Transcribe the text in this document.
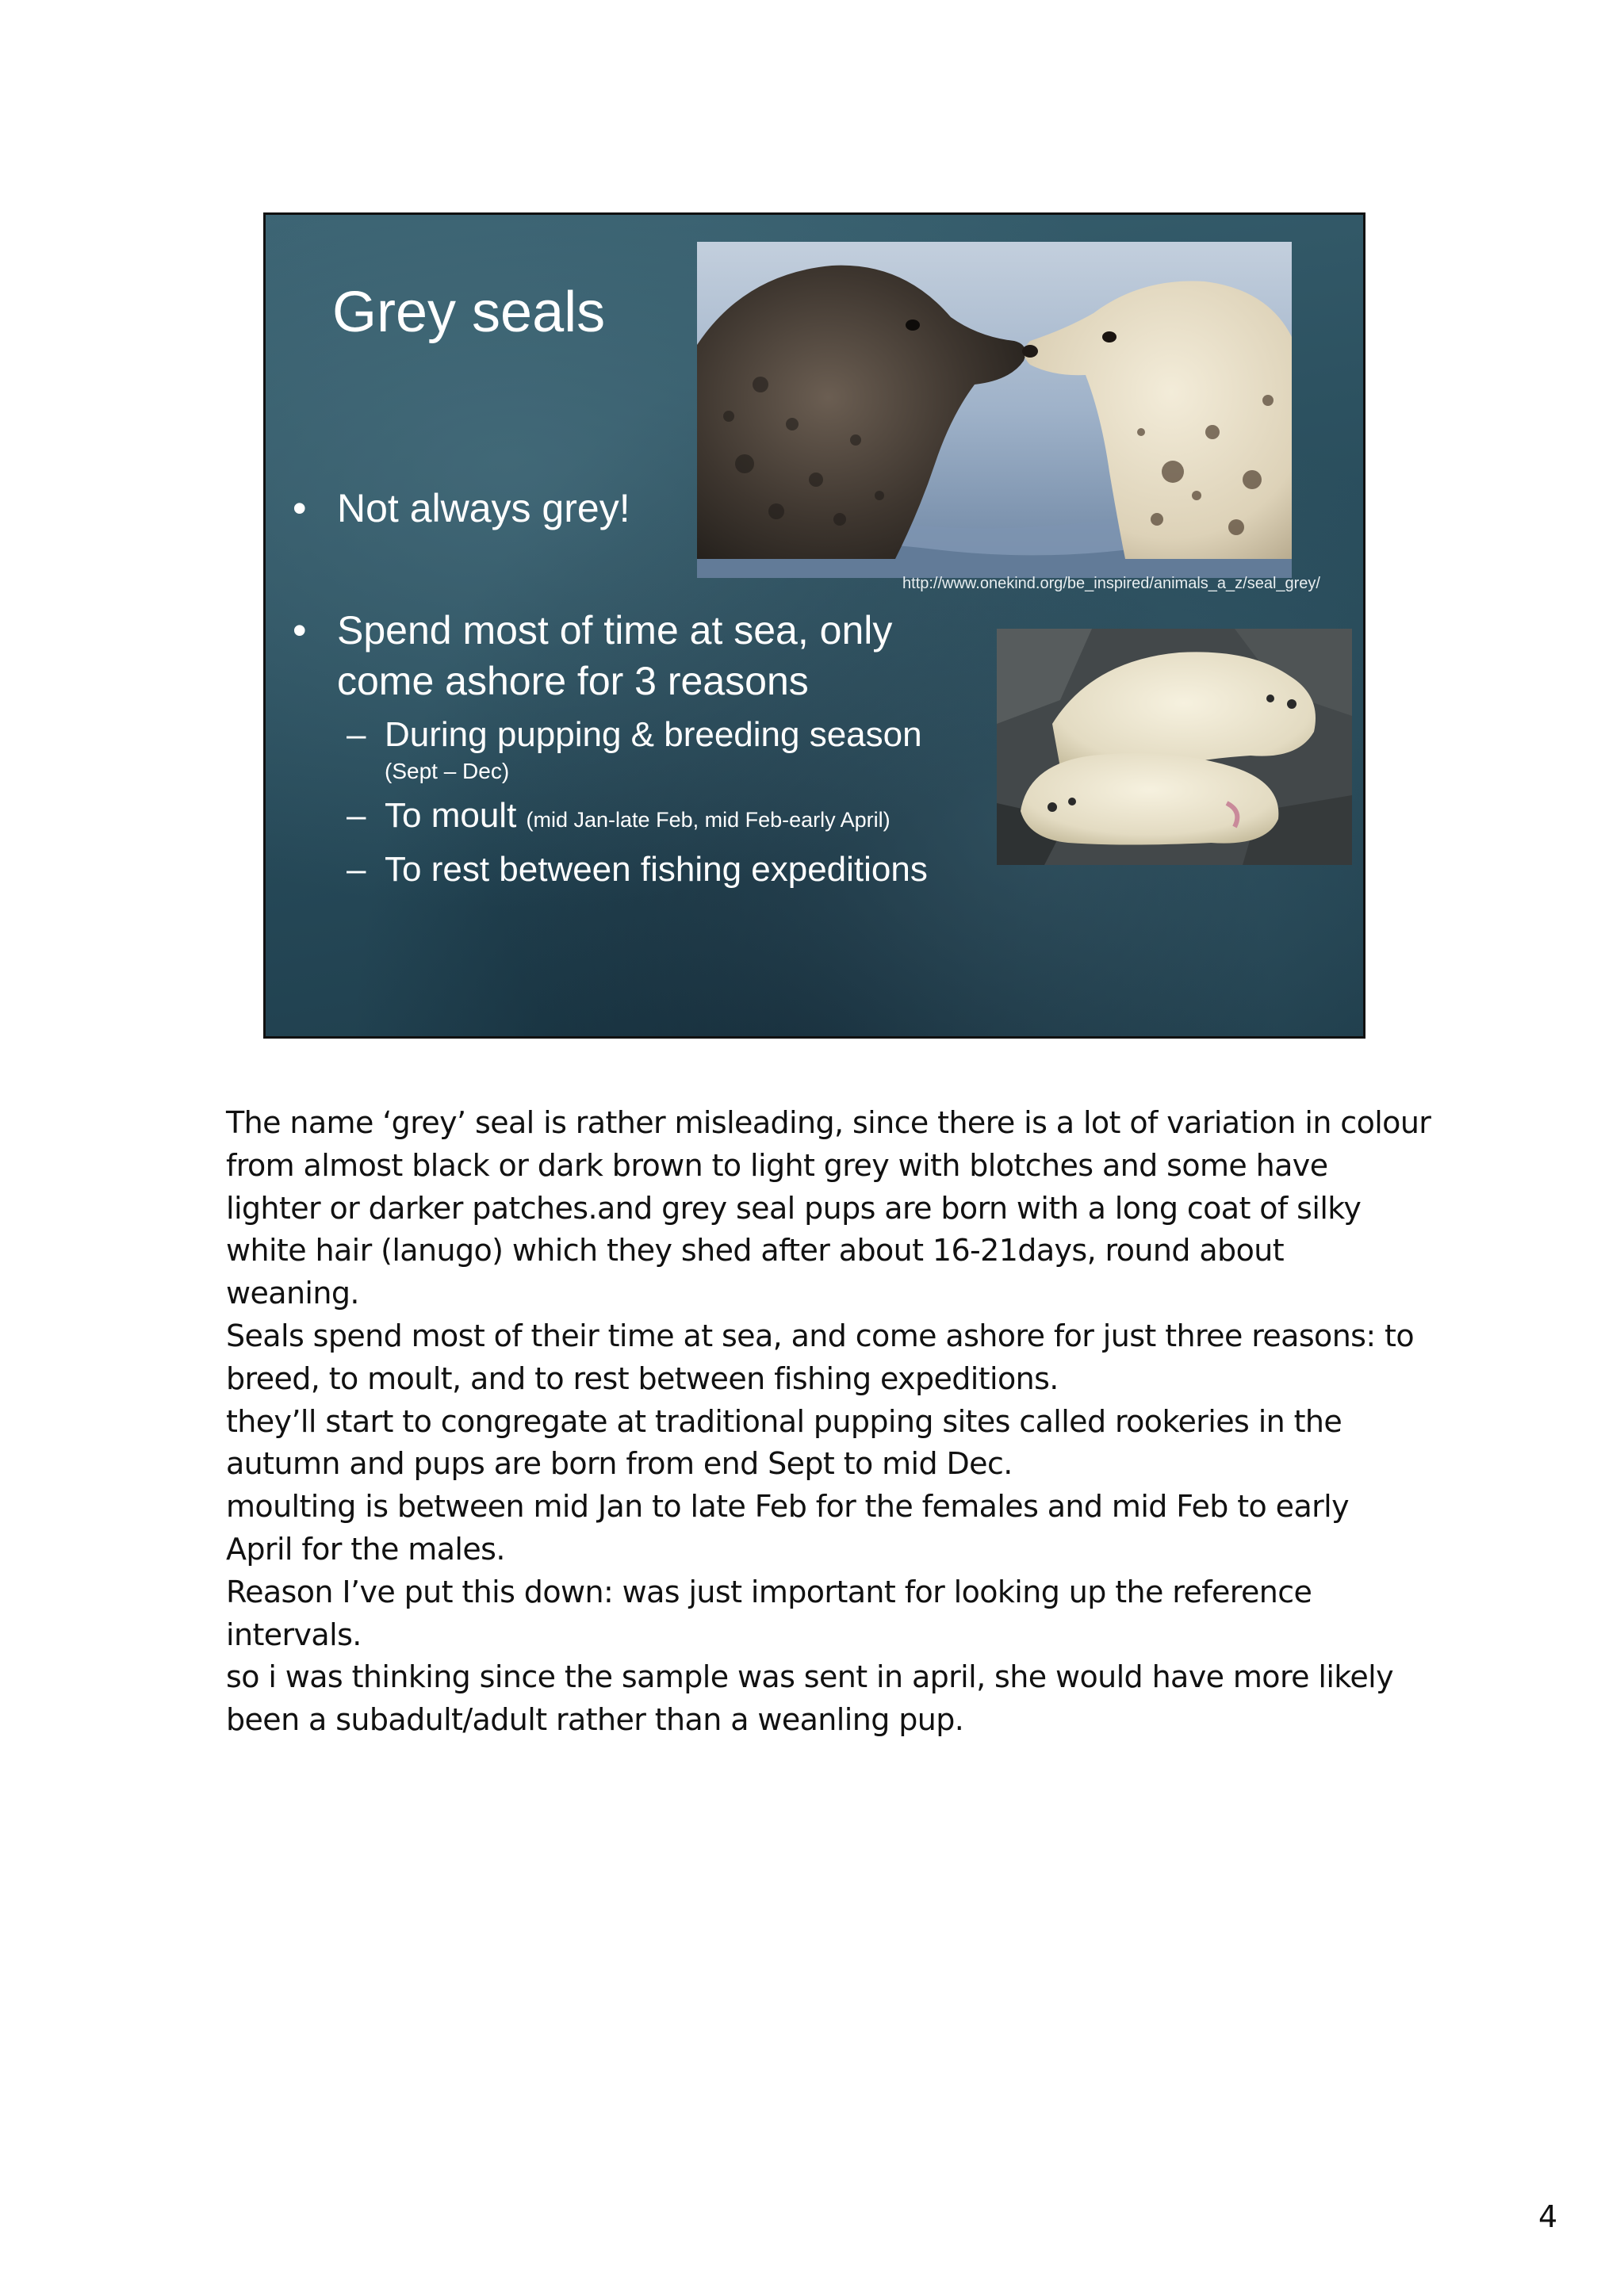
Grey seals
http://www.onekind.org/be_inspired/animals_a_z/seal_grey/
• Not always grey!
• Spend most of time at sea, only
come ashore for 3 reasons
– During pupping & breeding season
(Sept – Dec)
– To moult (mid Jan-late Feb, mid Feb-early April)
– To rest between fishing expeditions
The name ‘grey’ seal is rather misleading, since there is a lot of variation in colour
from almost black or dark brown to light grey with blotches and some have
lighter or darker patches.and grey seal pups are born with a long coat of silky
white hair (lanugo) which they shed after about 16-21days, round about
weaning.
Seals spend most of their time at sea, and come ashore for just three reasons: to
breed, to moult, and to rest between fishing expeditions.
they’ll start to congregate at traditional pupping sites called rookeries in the
autumn and pups are born from end Sept to mid Dec.
moulting is between mid Jan to late Feb for the females and mid Feb to early
April for the males.
Reason I’ve put this down: was just important for looking up the reference
intervals.
so i was thinking since the sample was sent in april, she would have more likely
been a subadult/adult rather than a weanling pup.
4
